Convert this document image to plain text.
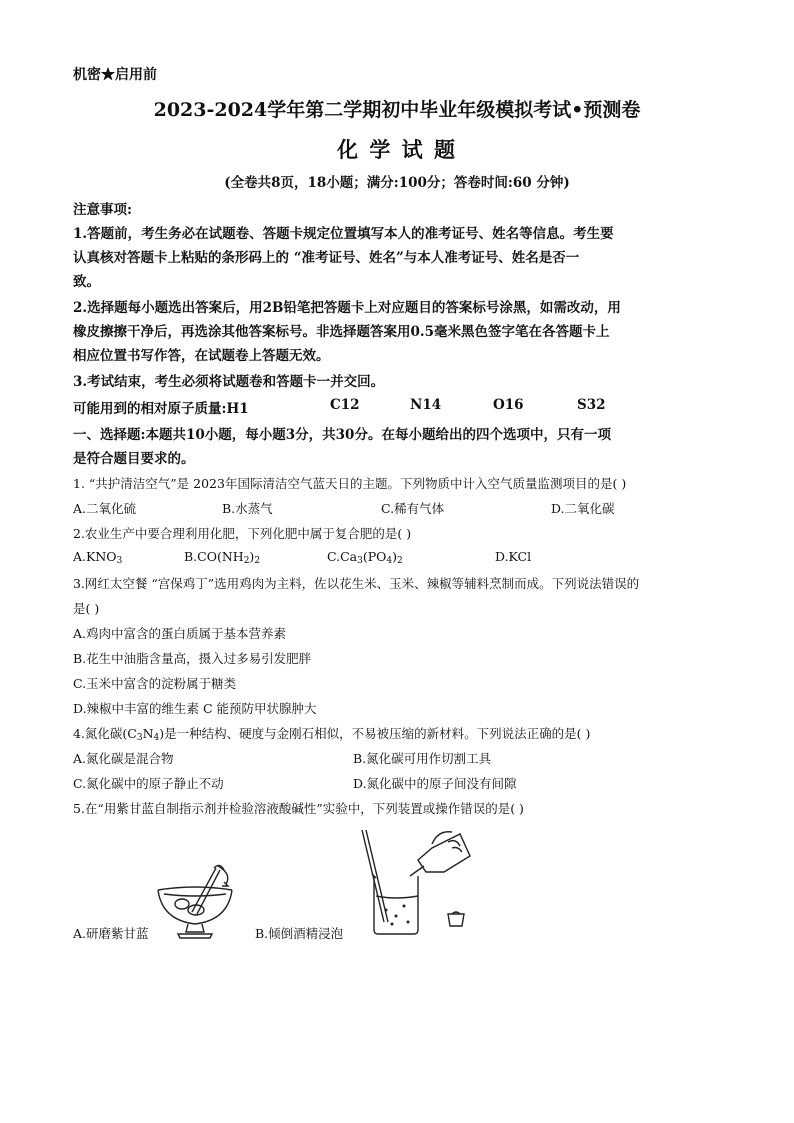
机密★启用前
2023-2024学年第二学期初中毕业年级模拟考试•预测卷
化 学 试 题
(全卷共8页，18小题；满分:100分；答卷时间:60 分钟)
注意事项:
1.答题前，考生务必在试题卷、答题卡规定位置填写本人的准考证号、姓名等信息。考生要
认真核对答题卡上粘贴的条形码上的 “准考证号、姓名”与本人准考证号、姓名是否一
致。
2.选择题每小题选出答案后，用2B铅笔把答题卡上对应题目的答案标号涂黑，如需改动，用
橡皮擦擦干净后，再选涂其他答案标号。非选择题答案用0.5毫米黑色签字笔在各答题卡上
相应位置书写作答，在试题卷上答题无效。
3.考试结束，考生必须将试题卷和答题卡一并交回。
可能用到的相对原子质量:H1	C12	N14	O16	S32
一、选择题:本题共10小题，每小题3分，共30分。在每小题给出的四个选项中，只有一项
是符合题目要求的。
1. “共护清洁空气”是 2023年国际清洁空气蓝天日的主题。下列物质中计入空气质量监测项目的是( )
A.二氧化硫	B.水蒸气	C.稀有气体	D.二氧化碳
2.农业生产中要合理利用化肥，下列化肥中属于复合肥的是( )
$A.KNO_3$	$B.CO(NH_2)_2$	$C.Ca_3(PO_4)_2$	D.KCl
3.网红太空餐 “宫保鸡丁”选用鸡肉为主料，佐以花生米、玉米、辣椒等辅料烹制而成。下列说法错误的
是( )
A.鸡肉中富含的蛋白质属于基本营养素
B.花生中油脂含量高，摄入过多易引发肥胖
C.玉米中富含的淀粉属于糖类
D.辣椒中丰富的维生素 C 能预防甲状腺肿大
4.氮化碳$(C_3N_4)$是一种结构、硬度与金刚石相似，不易被压缩的新材料。下列说法正确的是( )
A.氮化碳是混合物	B.氮化碳可用作切割工具
C.氮化碳中的原子静止不动	D.氮化碳中的原子间没有间隙
5.在“用紫甘蓝自制指示剂并检验溶液酸碱性”实验中，下列装置或操作错误的是( )
A.研磨紫甘蓝	B.倾倒酒精浸泡
